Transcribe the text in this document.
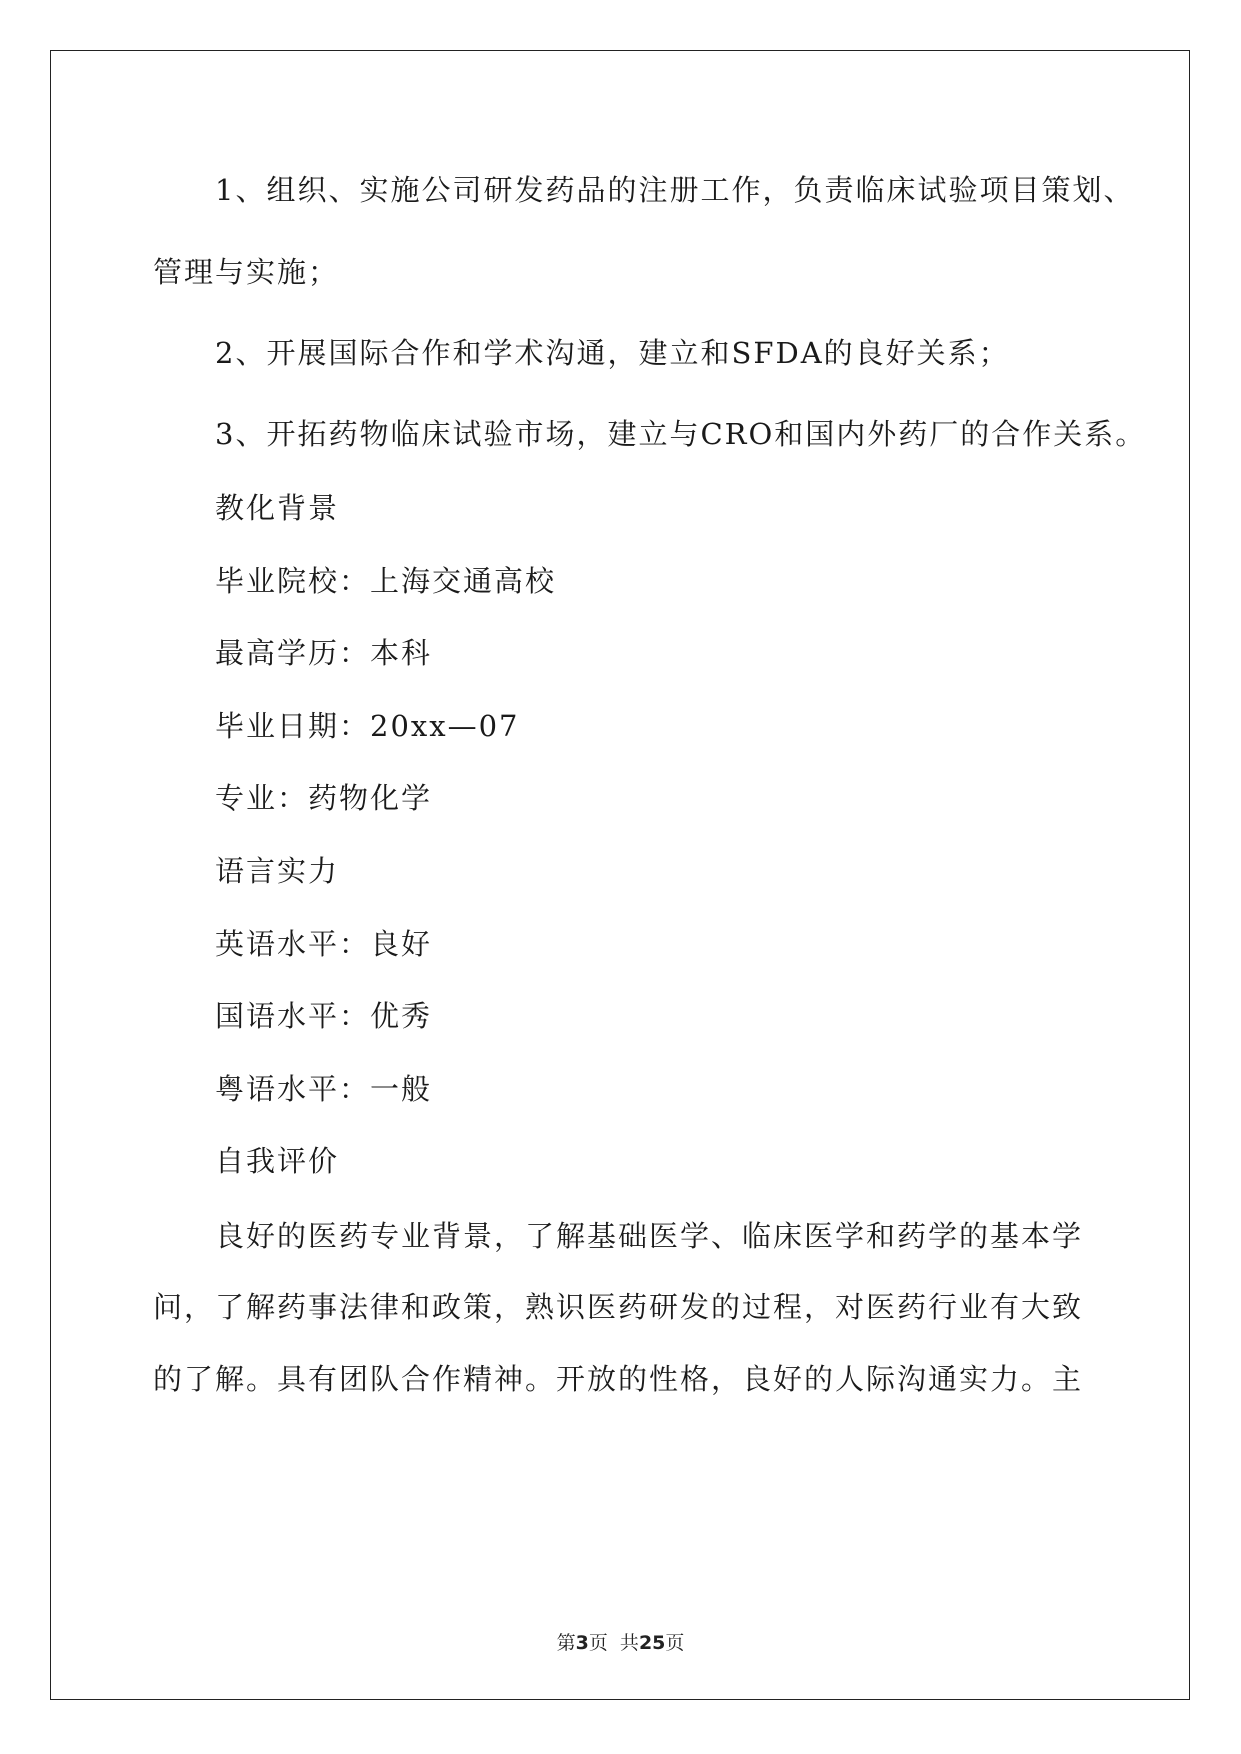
1、组织、实施公司研发药品的注册工作，负责临床试验项目策划、
管理与实施；
2、开展国际合作和学术沟通，建立和SFDA的良好关系；
3、开拓药物临床试验市场，建立与CRO和国内外药厂的合作关系。
教化背景
毕业院校：上海交通高校
最高学历：本科
毕业日期：20xx—07
专业：药物化学
语言实力
英语水平：良好
国语水平：优秀
粤语水平：一般
自我评价
良好的医药专业背景，了解基础医学、临床医学和药学的基本学
问，了解药事法律和政策，熟识医药研发的过程，对医药行业有大致
的了解。具有团队合作精神。开放的性格，良好的人际沟通实力。主
第3页  共25页
